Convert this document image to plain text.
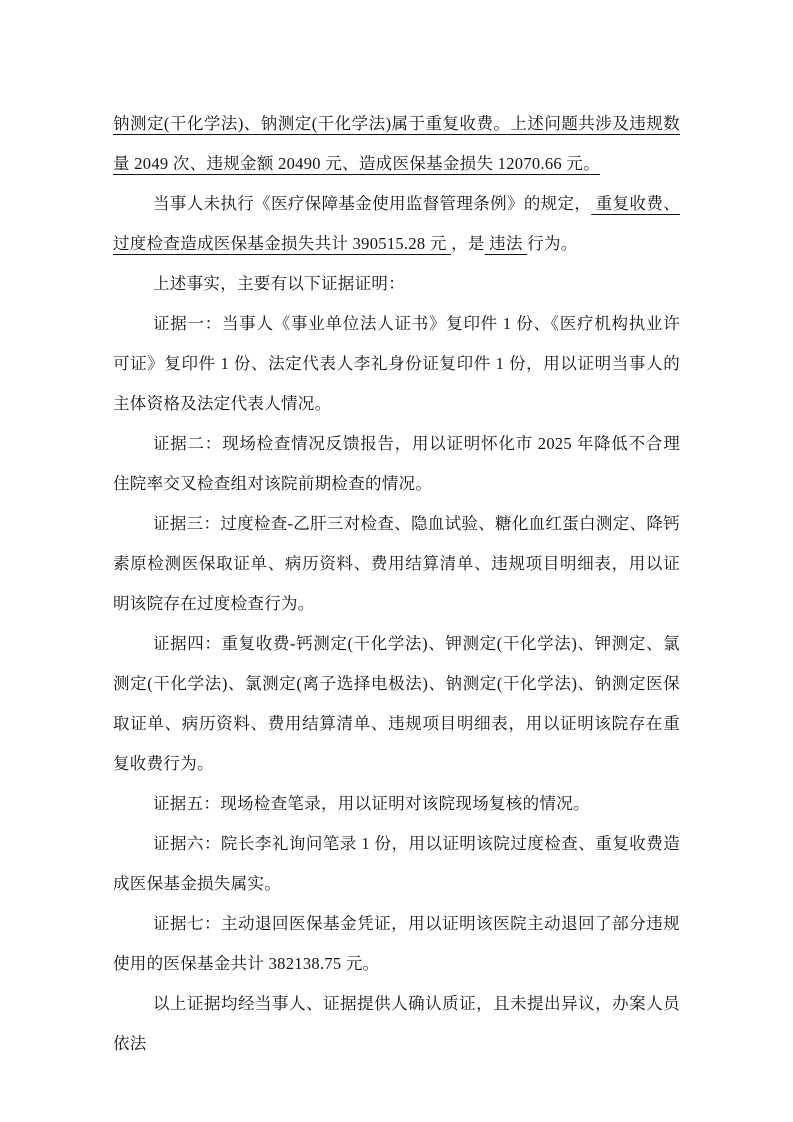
钠测定(干化学法)、钠测定(干化学法)属于重复收费。上述问题共涉及违规数量 2049 次、违规金额 20490 元、造成医保基金损失 12070.66 元。

当事人未执行《医疗保障基金使用监督管理条例》的规定， 重复收费、过度检查造成医保基金损失共计 390515.28 元 ，是 违法 行为。

上述事实，主要有以下证据证明：

证据一：当事人《事业单位法人证书》复印件 1 份、《医疗机构执业许可证》复印件 1 份、法定代表人李礼身份证复印件 1 份，用以证明当事人的主体资格及法定代表人情况。

证据二：现场检查情况反馈报告，用以证明怀化市 2025 年降低不合理住院率交叉检查组对该院前期检查的情况。

证据三：过度检查-乙肝三对检查、隐血试验、糖化血红蛋白测定、降钙素原检测医保取证单、病历资料、费用结算清单、违规项目明细表，用以证明该院存在过度检查行为。

证据四：重复收费-钙测定(干化学法)、钾测定(干化学法)、钾测定、氯测定(干化学法)、氯测定(离子选择电极法)、钠测定(干化学法)、钠测定医保取证单、病历资料、费用结算清单、违规项目明细表，用以证明该院存在重复收费行为。

证据五：现场检查笔录，用以证明对该院现场复核的情况。

证据六：院长李礼询问笔录 1 份，用以证明该院过度检查、重复收费造成医保基金损失属实。

证据七：主动退回医保基金凭证，用以证明该医院主动退回了部分违规使用的医保基金共计 382138.75 元。

以上证据均经当事人、证据提供人确认质证，且未提出异议，办案人员依法
